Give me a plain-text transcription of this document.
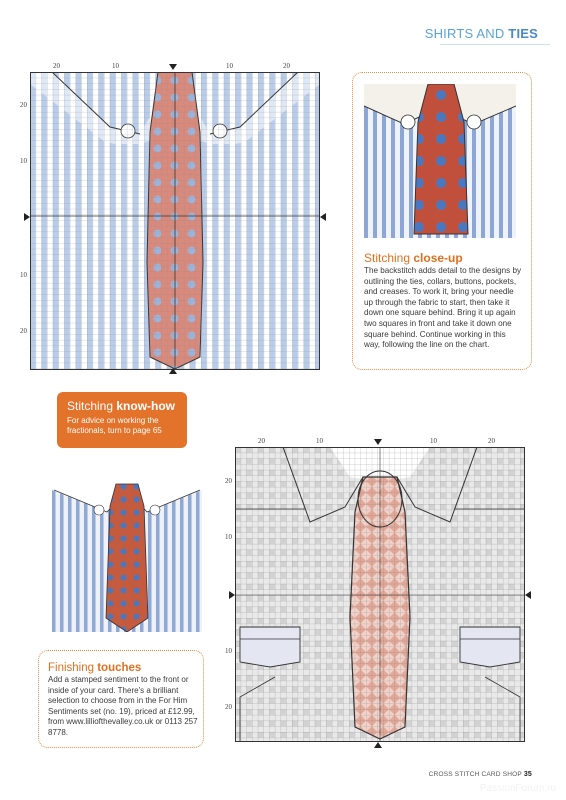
SHIRTS AND TIES
20	10	10	20
20
10
10
20
Stitching close-up
The backstitch adds detail to the designs by outlining the ties, collars, buttons, pockets, and creases. To work it, bring your needle up through the fabric to start, then take it down one square behind. Bring it up again two squares in front and take it down one square behind. Continue working in this way, following the line on the chart.
Stitching know-how

For advice on working the fractionals, turn to page 65

Finishing touches
Add a stamped sentiment to the front or inside of your card. There's a brilliant selection to choose from in the For Him Sentiments set (no. 19), priced at £12.99, from www.lilliofthevalley.co.uk or 0113 257 8778.
20	10	10	20
20
10
10
20
CROSS STITCH CARD SHOP 35
PassionForum.ru
